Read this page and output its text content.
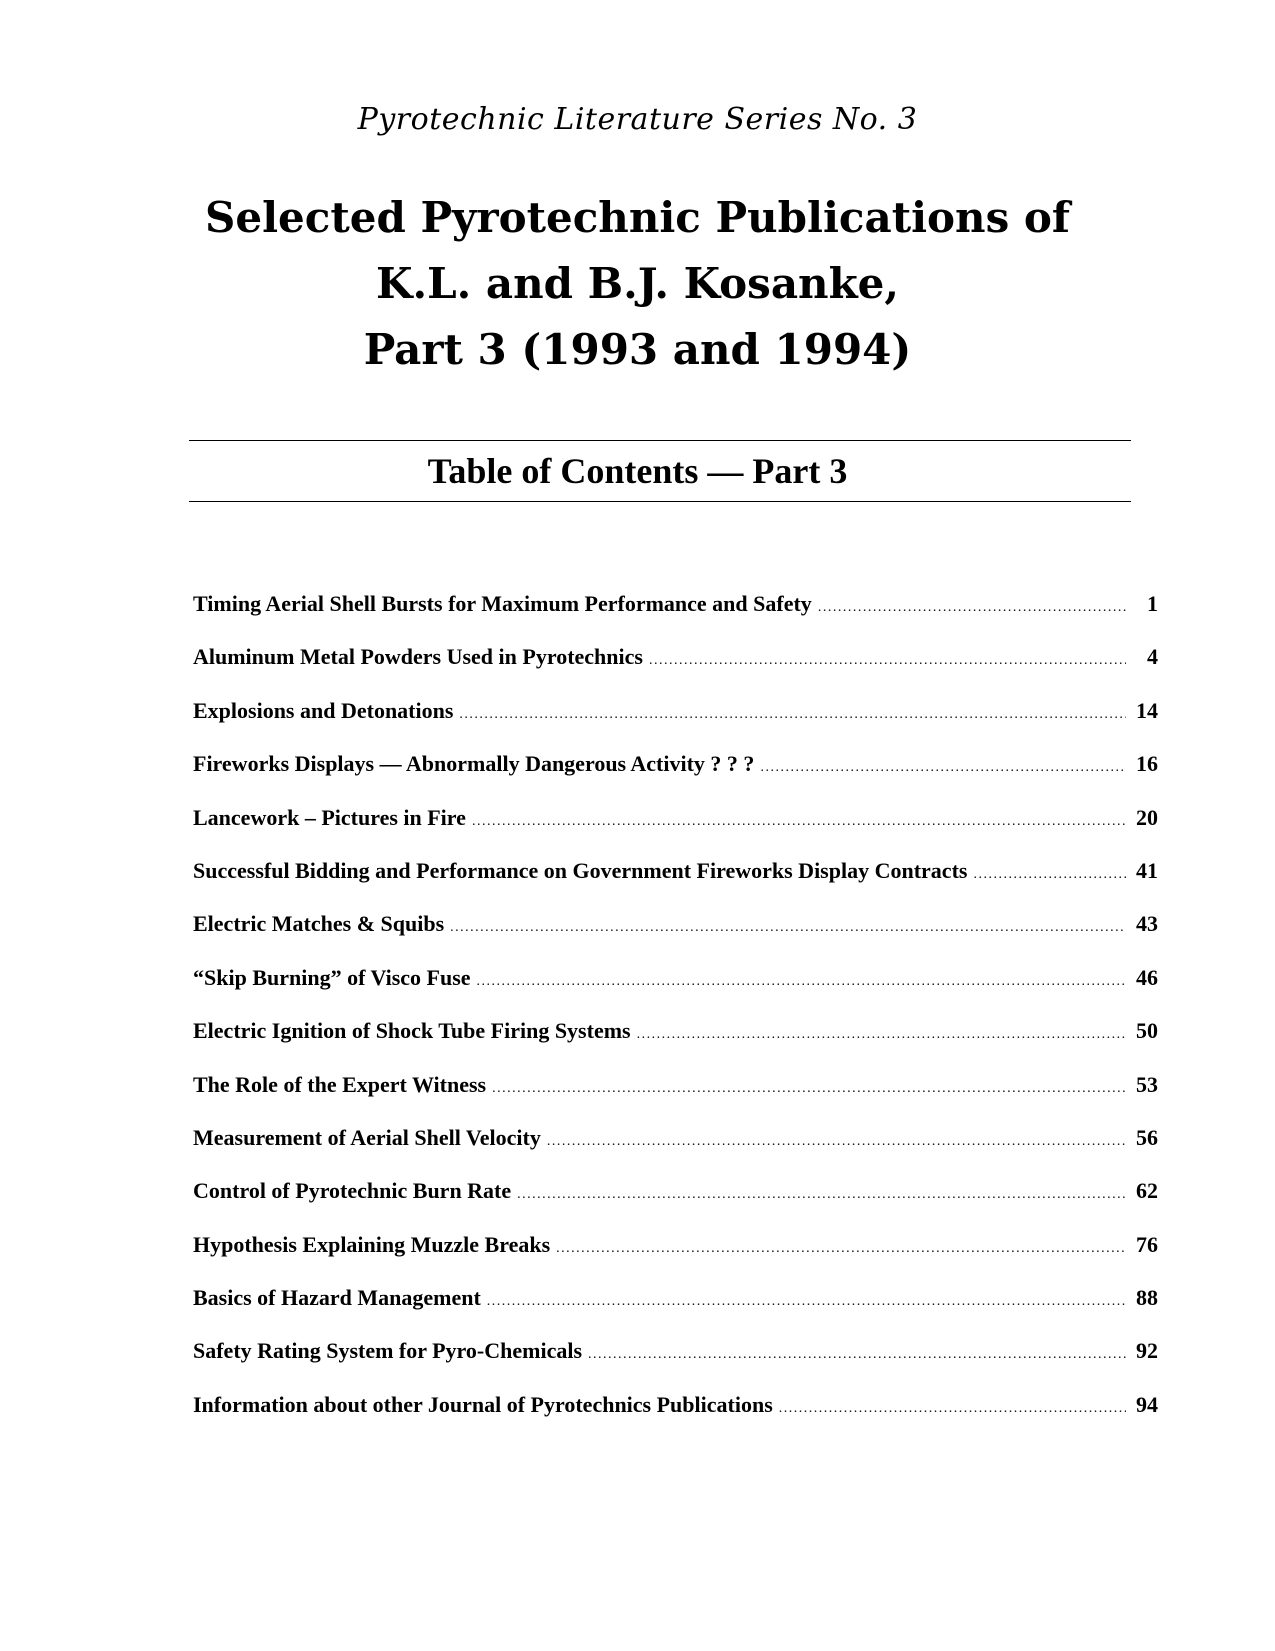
Pyrotechnic Literature Series No. 3
Selected Pyrotechnic Publications of
K.L. and B.J. Kosanke,
Part 3 (1993 and 1994)
Table of Contents — Part 3
Timing Aerial Shell Bursts for Maximum Performance and Safety .....	1
Aluminum Metal Powders Used in Pyrotechnics .....	4
Explosions and Detonations .....	14
Fireworks Displays — Abnormally Dangerous Activity ? ? ? .....	16
Lancework – Pictures in Fire .....	20
Successful Bidding and Performance on Government Fireworks Display Contracts .....	41
Electric Matches & Squibs .....	43
“Skip Burning” of Visco Fuse .....	46
Electric Ignition of Shock Tube Firing Systems .....	50
The Role of the Expert Witness .....	53
Measurement of Aerial Shell Velocity .....	56
Control of Pyrotechnic Burn Rate .....	62
Hypothesis Explaining Muzzle Breaks .....	76
Basics of Hazard Management .....	88
Safety Rating System for Pyro-Chemicals .....	92
Information about other Journal of Pyrotechnics Publications .....	94
